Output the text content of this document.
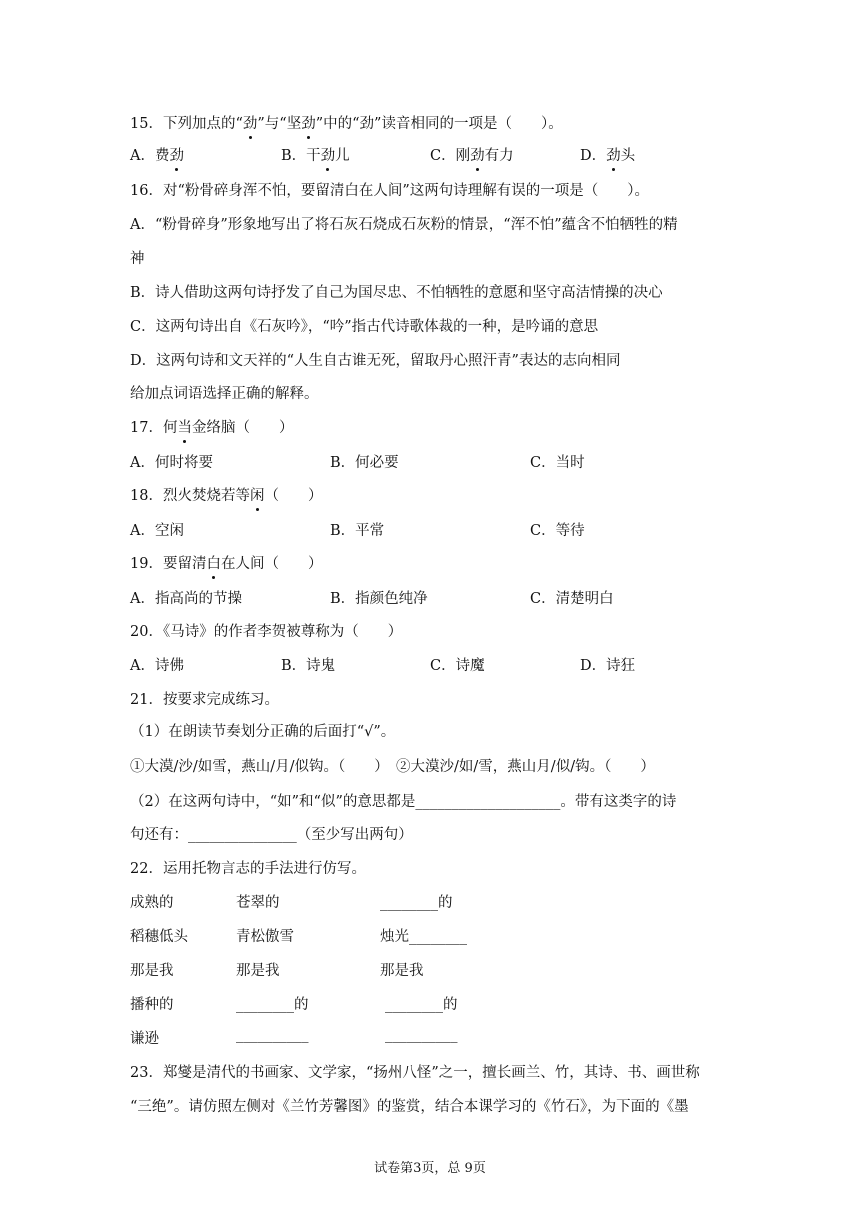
15．下列加点的“劲”与“坚劲”中的“劲”读音相同的一项是（　　）。
A．费劲	B．干劲儿	C．刚劲有力	D．劲头
16．对“粉骨碎身浑不怕，要留清白在人间”这两句诗理解有误的一项是（　　）。
A．“粉骨碎身”形象地写出了将石灰石烧成石灰粉的情景，“浑不怕”蕴含不怕牺牲的精
神
B．诗人借助这两句诗抒发了自己为国尽忠、不怕牺牲的意愿和坚守高洁情操的决心
C．这两句诗出自《石灰吟》，“吟”指古代诗歌体裁的一种，是吟诵的意思
D．这两句诗和文天祥的“人生自古谁无死，留取丹心照汗青”表达的志向相同
给加点词语选择正确的解释。
17．何当金络脑（　　）
A．何时将要	B．何必要	C．当时
18．烈火焚烧若等闲（　　）
A．空闲	B．平常	C．等待
19．要留清白在人间（　　）
A．指高尚的节操	B．指颜色纯净	C．清楚明白
20．《马诗》的作者李贺被尊称为（　　）
A．诗佛	B．诗鬼	C．诗魔	D．诗狂
21．按要求完成练习。
（1）在朗读节奏划分正确的后面打“√”。
①大漠/沙/如雪，燕山/月/似钩。（　　）　②大漠沙/如/雪，燕山月/似/钩。（　　）
（2）在这两句诗中，“如”和“似”的意思都是____________________。带有这类字的诗
句还有：_______________（至少写出两句）
22．运用托物言志的手法进行仿写。
成熟的	苍翠的	________的
稻穗低头	青松傲雪	烛光________
那是我	那是我	那是我
播种的	________的	________的
谦逊	__________	__________
23．郑燮是清代的书画家、文学家，“扬州八怪”之一，擅长画兰、竹，其诗、书、画世称
“三绝”。请仿照左侧对《兰竹芳馨图》的鉴赏，结合本课学习的《竹石》，为下面的《墨
试卷第3页，总 9页
